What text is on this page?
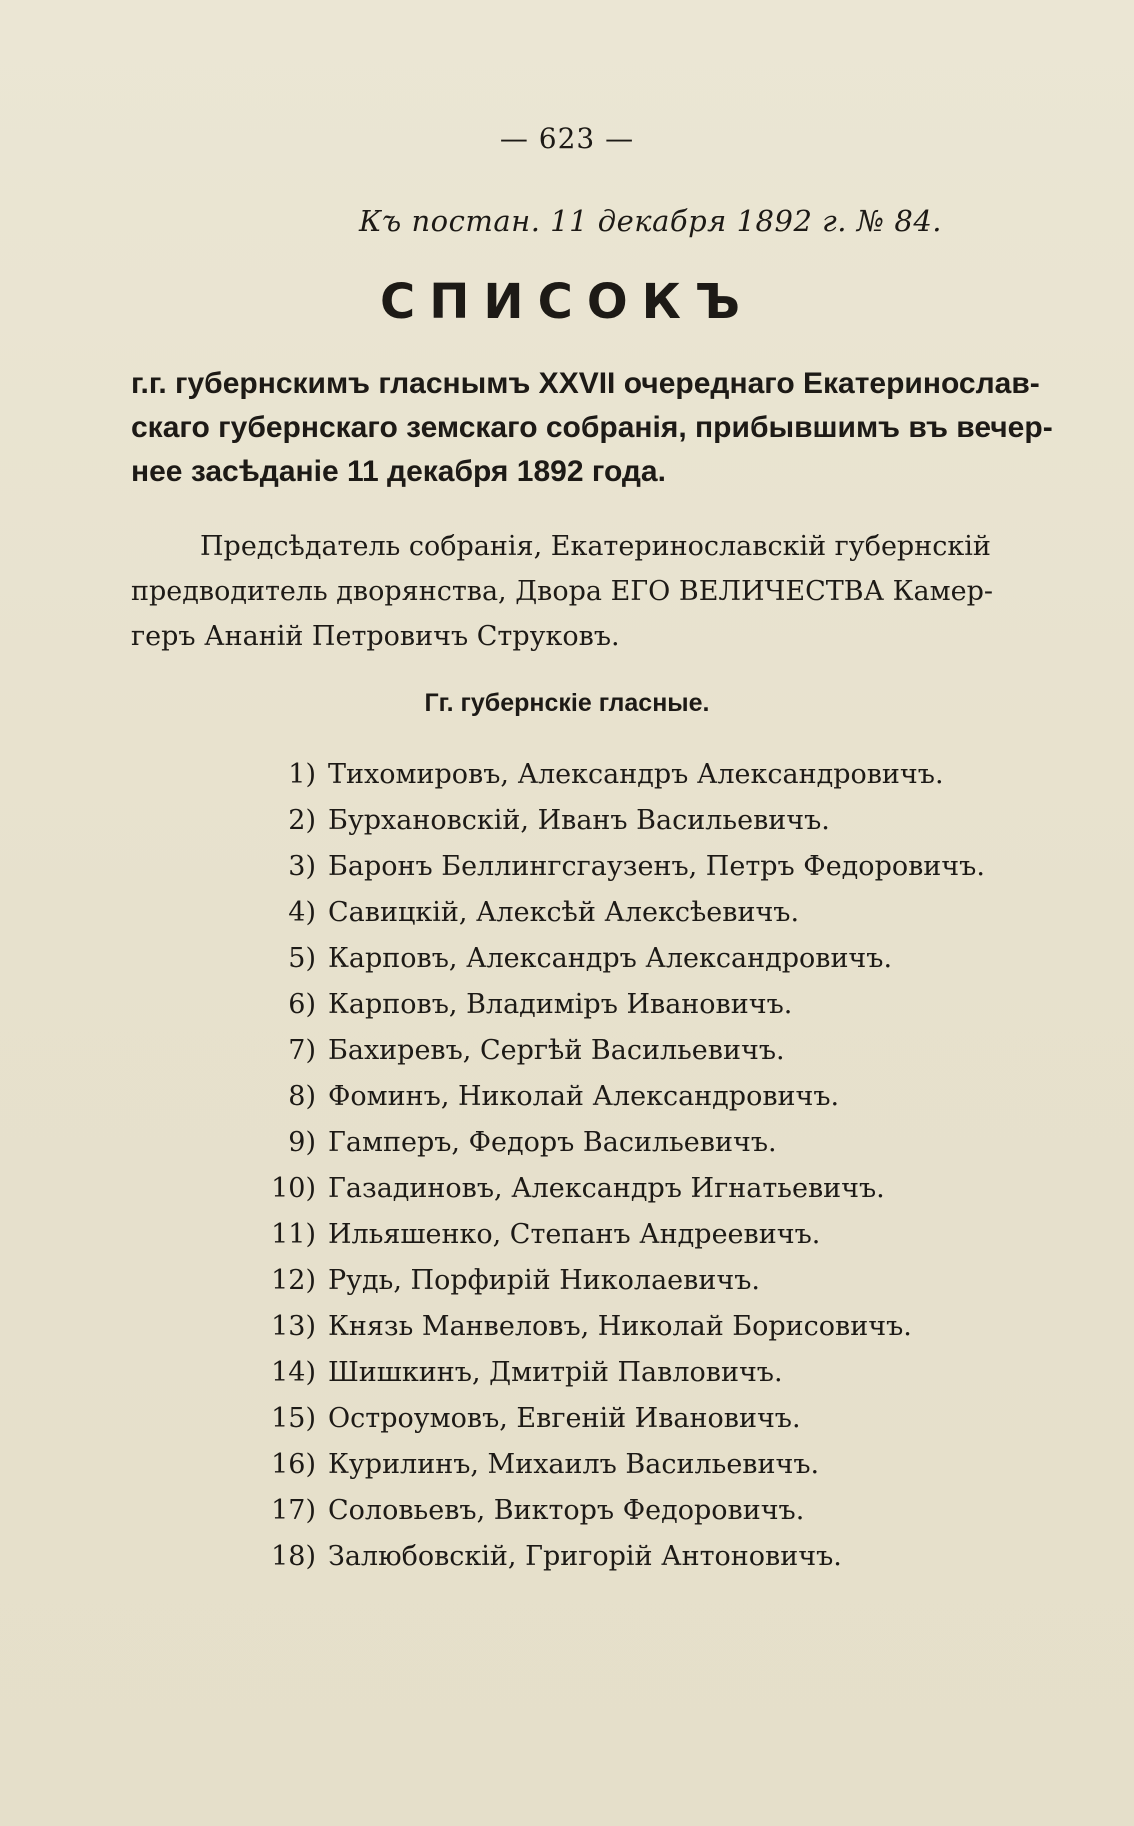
— 623 —
Къ постан. 11 декабря 1892 г. № 84.
СПИСОКЪ
г.г. губернскимъ гласнымъ XXVII очереднаго Екатеринослав-
скаго губернскаго земскаго собранія, прибывшимъ въ вечер-
нее засѣданіе 11 декабря 1892 года.
Предсѣдатель собранія, Екатеринославскій губернскій
предводитель дворянства, Двора ЕГО ВЕЛИЧЕСТВА Камер-
геръ Ананій Петровичъ Струковъ.
Гг. губернскіе гласные.
1) Тихомировъ, Александръ Александровичъ.
2) Бурхановскій, Иванъ Васильевичъ.
3) Баронъ Беллингсгаузенъ, Петръ Федоровичъ.
4) Савицкій, Алексѣй Алексѣевичъ.
5) Карповъ, Александръ Александровичъ.
6) Карповъ, Владиміръ Ивановичъ.
7) Бахиревъ, Сергѣй Васильевичъ.
8) Фоминъ, Николай Александровичъ.
9) Гамперъ, Федоръ Васильевичъ.
10) Газадиновъ, Александръ Игнатьевичъ.
11) Ильяшенко, Степанъ Андреевичъ.
12) Рудь, Порфирій Николаевичъ.
13) Князь Манвеловъ, Николай Борисовичъ.
14) Шишкинъ, Дмитрій Павловичъ.
15) Остроумовъ, Евгеній Ивановичъ.
16) Курилинъ, Михаилъ Васильевичъ.
17) Соловьевъ, Викторъ Федоровичъ.
18) Залюбовскій, Григорій Антоновичъ.
